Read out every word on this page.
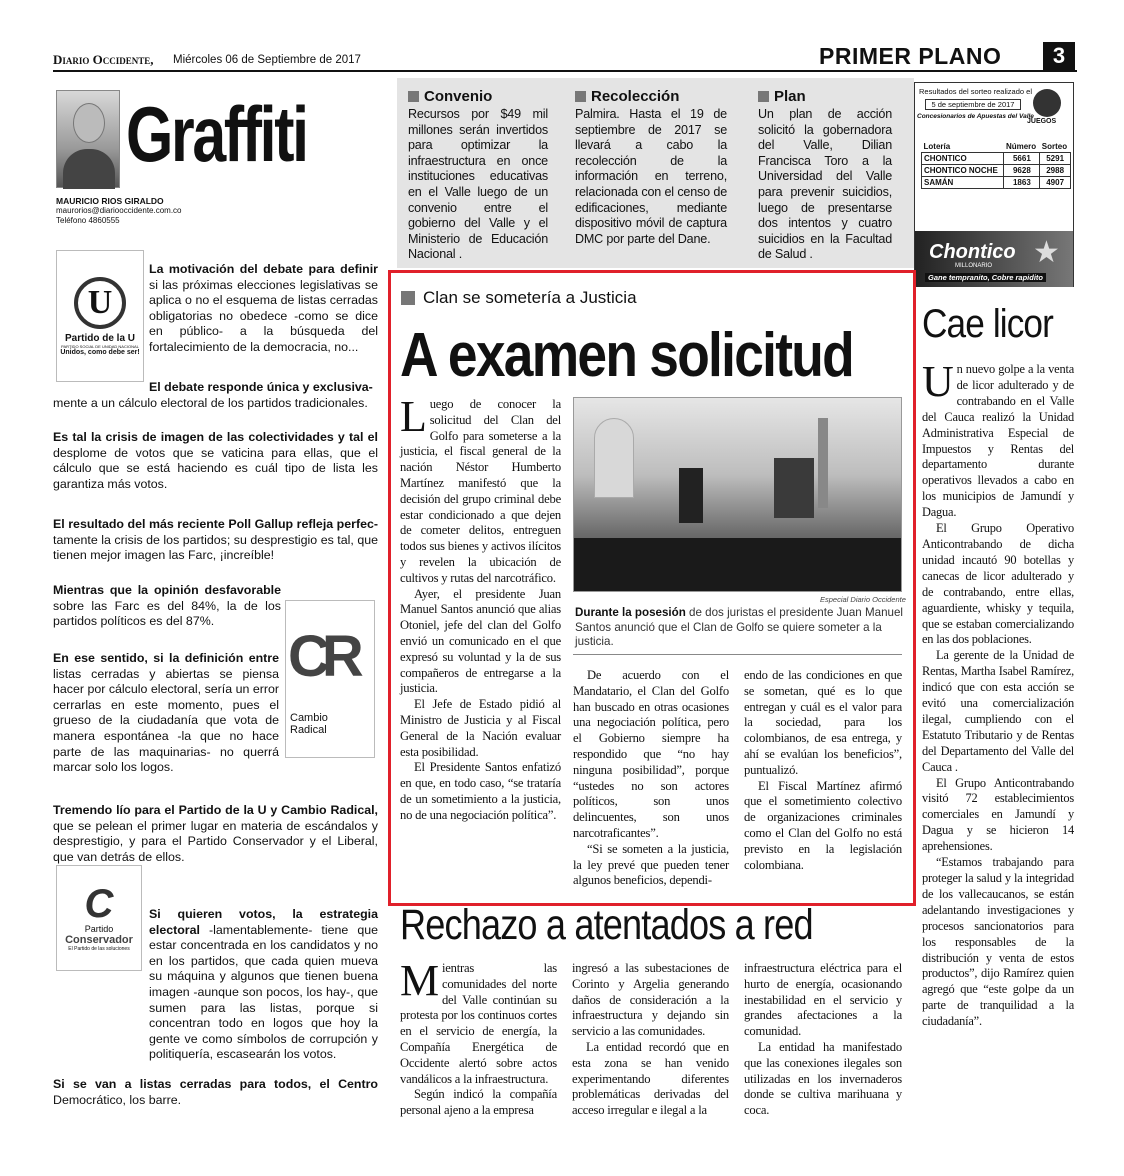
Diario Occidente, Miércoles 06 de Septiembre de 2017	PRIMER PLANO	3
Graffiti
MAURICIO RIOS GIRALDO
maurorios@diariooccidente.com.co
Teléfono 4860555
Convenio

Recursos por $49 mil millones serán invertidos para optimizar la infraestructura en once instituciones educativas en el Valle luego de un convenio entre el gobierno del Valle y el Ministerio de Educación Nacional .

Recolección

Palmira. Hasta el 19 de septiembre de 2017 se llevará a cabo la recolección de la información en terreno, relacionada con el censo de edificaciones, mediante dispositivo móvil de captura DMC por parte del Dane.

Plan

Un plan de acción solicitó la gobernadora del Valle, Dilian Francisca Toro a la Universidad del Valle para prevenir suicidios, luego de presentarse dos intentos y cuatro suicidios en la Facultad de Salud .

Resultados del sorteo realizado el
5 de septiembre de 2017
Concesionarios de Apuestas del Valle
JUEGOS
Lotería	Número	Sorteo
CHONTICO	5661	5291
CHONTICO NOCHE	9628	2988
SAMÁN	1863	4907
Chontico
MILLONARIO ★
Gane tempranito, Cobre rapidito
U
Partido de la U
PARTIDO SOCIAL DE UNIDAD NACIONAL
Unidos, como debe ser!

La motivación del debate para definir si las próximas elecciones legislativas se aplica o no el esquema de listas cerradas obligatorias no obedece -como se dice en público- a la búsqueda del fortalecimiento de la democracia, no...

El debate responde única y exclusiva-

mente a un cálculo electoral de los partidos tradicionales.

Es tal la crisis de imagen de las colectividades y tal el desplome de votos que se vaticina para ellas, que el cálculo que se está haciendo es cuál tipo de lista les garantiza más votos.

El resultado del más reciente Poll Gallup refleja perfec-tamente la crisis de los partidos; su desprestigio es tal, que tienen mejor imagen las Farc, ¡increíble!

Mientras que la opinión desfavorable sobre las Farc es del 84%, la de los partidos políticos es del 87%.

En ese sentido, si la definición entre listas cerradas y abiertas se piensa hacer por cálculo electoral, sería un error cerrarlas en este momento, pues el grueso de la ciudadanía que vota de manera espontánea -la que no hace parte de las maquinarias- no querrá marcar solo los logos.

CR
Cambio
Radical

Tremendo lío para el Partido de la U y Cambio Radical, que se pelean el primer lugar en materia de escándalos y desprestigio, y para el Partido Conservador y el Liberal, que van detrás de ellos.

C
Partido
Conservador
El Partido de las soluciones

Si quieren votos, la estrategia electoral -lamentablemente- tiene que estar concentrada en los candidatos y no en los partidos, que cada quien mueva su máquina y algunos que tienen buena imagen -aunque son pocos, los hay-, que sumen para las listas, porque si concentran todo en logos que hoy la gente ve como símbolos de corrupción y politiquería, escasearán los votos.

Si se van a listas cerradas para todos, el Centro Democrático, los barre.

Clan se sometería a Justicia
A examen solicitud

Luego de conocer la solicitud del Clan del Golfo para someterse a la justicia, el fiscal general de la nación Néstor Humberto Martínez manifestó que la decisión del grupo criminal debe estar condicionado a que dejen de cometer delitos, entreguen todos sus bienes y activos ilícitos y revelen la ubicación de cultivos y rutas del narcotráfico.

Ayer, el presidente Juan Manuel Santos anunció que alias Otoniel, jefe del clan del Golfo envió un comunicado en el que expresó su voluntad y la de sus compañeros de entregarse a la justicia.

El Jefe de Estado pidió al Ministro de Justicia y al Fiscal General de la Nación evaluar esta posibilidad.

El Presidente Santos enfatizó en que, en todo caso, “se trataría de un sometimiento a la justicia, no de una negociación política”.

Especial Diario Occidente
Durante la posesión de dos juristas el presidente Juan Manuel Santos anunció que el Clan de Golfo se quiere someter a la justicia.

De acuerdo con el Mandatario, el Clan del Golfo han buscado en otras ocasiones una negociación política, pero el Gobierno siempre ha respondido que “no hay ninguna posibilidad”, porque “ustedes no son actores políticos, son unos delincuentes, son unos narcotraficantes”.

“Si se someten a la justicia, la ley prevé que pueden tener algunos beneficios, dependi-

endo de las condiciones en que se sometan, qué es lo que entregan y cuál es el valor para la sociedad, para los colombianos, de esa entrega, y ahí se evalúan los beneficios”, puntualizó.

El Fiscal Martínez afirmó que el sometimiento colectivo de organizaciones criminales como el Clan del Golfo no está previsto en la legislación colombiana.

Rechazo a atentados a red

Mientras las comunidades del norte del Valle continúan su protesta por los continuos cortes en el servicio de energía, la Compañía Energética de Occidente alertó sobre actos vandálicos a la infraestructura.

Según indicó la compañía personal ajeno a la empresa

ingresó a las subestaciones de Corinto y Argelia generando daños de consideración a la infraestructura y dejando sin servicio a las comunidades.

La entidad recordó que en esta zona se han venido experimentando diferentes problemáticas derivadas del acceso irregular e ilegal a la

infraestructura eléctrica para el hurto de energía, ocasionando inestabilidad en el servicio y grandes afectaciones a la comunidad.

La entidad ha manifestado que las conexiones ilegales son utilizadas en los invernaderos donde se cultiva marihuana y coca.

Cae licor

Un nuevo golpe a la venta de licor adulterado y de contrabando en el Valle del Cauca realizó la Unidad Administrativa Especial de Impuestos y Rentas del departamento durante operativos llevados a cabo en los municipios de Jamundí y Dagua.

El Grupo Operativo Anticontrabando de dicha unidad incautó 90 botellas y canecas de licor adulterado y de contrabando, entre ellas, aguardiente, whisky y tequila, que se estaban comercializando en las dos poblaciones.

La gerente de la Unidad de Rentas, Martha Isabel Ramírez, indicó que con esta acción se evitó una comercialización ilegal, cumpliendo con el Estatuto Tributario y de Rentas del Departamento del Valle del Cauca .

El Grupo Anticontrabando visitó 72 establecimientos comerciales en Jamundí y Dagua y se hicieron 14 aprehensiones.

“Estamos trabajando para proteger la salud y la integridad de los vallecaucanos, se están adelantando investigaciones y procesos sancionatorios para los responsables de la distribución y venta de estos productos”, dijo Ramírez quien agregó que “este golpe da un parte de tranquilidad a la ciudadanía”.
